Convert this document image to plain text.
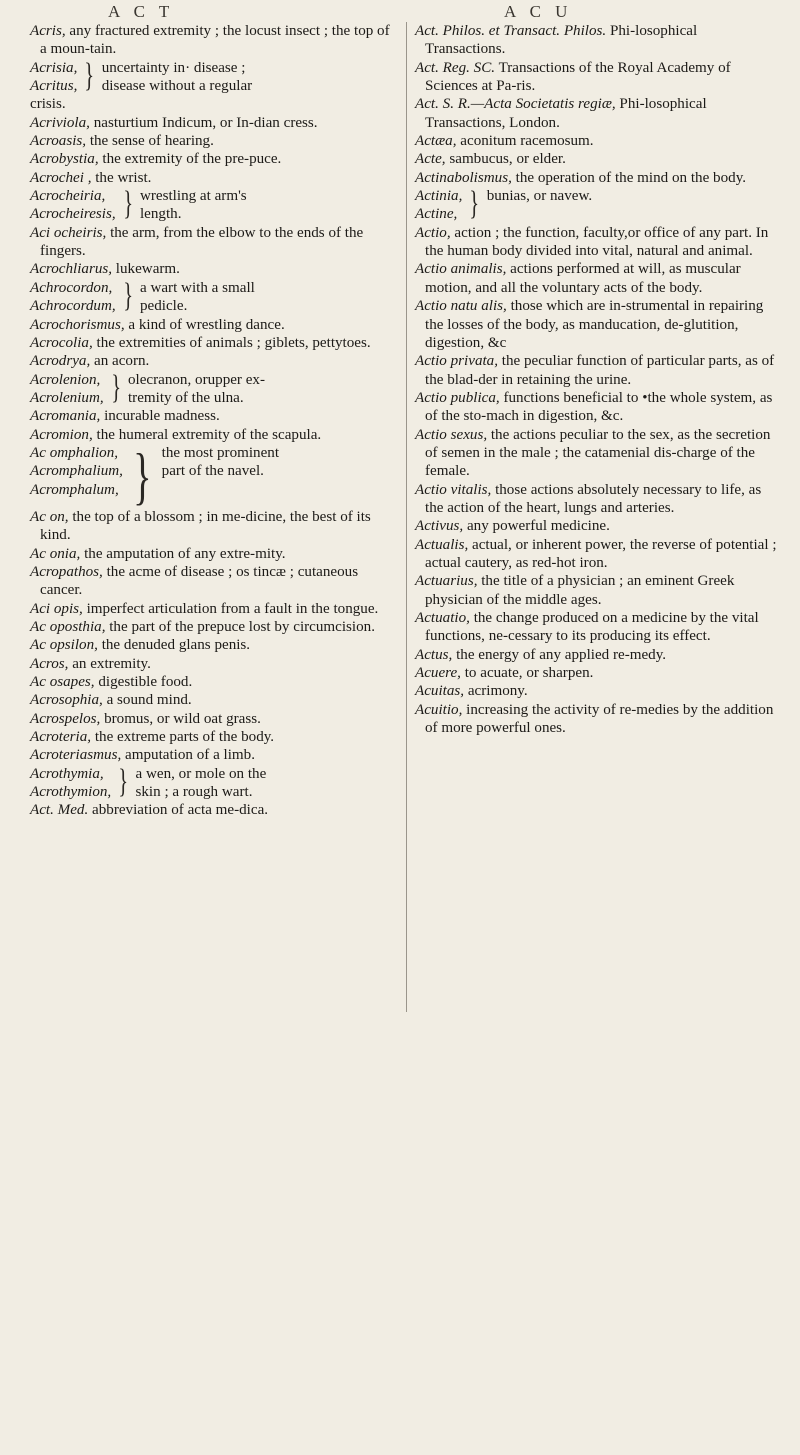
A C T	A C U

Acris, any fractured extremity ; the locust insect ; the top of a moun-tain.

Acrisia,
Acritus, } uncertainty in· disease ;
disease without a regular
crisis.

Acriviola, nasturtium Indicum, or In-dian cress.

Acroasis, the sense of hearing.

Acrobystia, the extremity of the pre-puce.

Acrochei , the wrist.

Acrocheiria,
Acrocheiresis, } wrestling at arm's
length.

Aci ocheiris, the arm, from the elbow to the ends of the fingers.

Acrochliarus, lukewarm.

Achrocordon,
Achrocordum, } a wart with a small
pedicle.

Acrochorismus, a kind of wrestling dance.

Acrocolia, the extremities of animals ; giblets, pettytoes.

Acrodrya, an acorn.

Acrolenion,
Acrolenium, } olecranon, orupper ex-
tremity of the ulna.

Acromania, incurable madness.

Acromion, the humeral extremity of the scapula.

Ac omphalion,
Acromphalium,
Acromphalum, } the most prominent
part of the navel.

Ac on, the top of a blossom ; in me-dicine, the best of its kind.

Ac onia, the amputation of any extre-mity.

Acropathos, the acme of disease ; os tincæ ; cutaneous cancer.

Aci opis, imperfect articulation from a fault in the tongue.

Ac oposthia, the part of the prepuce lost by circumcision.

Ac opsilon, the denuded glans penis.

Acros, an extremity.

Ac osapes, digestible food.

Acrosophia, a sound mind.

Acrospelos, bromus, or wild oat grass.

Acroteria, the extreme parts of the body.

Acroteriasmus, amputation of a limb.

Acrothymia,
Acrothymion, } a wen, or mole on the
skin ; a rough wart.

Act. Med. abbreviation of acta me-dica.

Act. Philos. et Transact. Philos. Phi-losophical Transactions.

Act. Reg. SC. Transactions of the Royal Academy of Sciences at Pa-ris.

Act. S. R.—Acta Societatis regiæ, Phi-losophical Transactions, London.

Actæa, aconitum racemosum.

Acte, sambucus, or elder.

Actinabolismus, the operation of the mind on the body.

Actinia,
Actine, } bunias, or navew.

Actio, action ; the function, faculty,or office of any part. In the human body divided into vital, natural and animal.

Actio animalis, actions performed at will, as muscular motion, and all the voluntary acts of the body.

Actio natu alis, those which are in-strumental in repairing the losses of the body, as manducation, de-glutition, digestion, &c

Actio privata, the peculiar function of particular parts, as of the blad-der in retaining the urine.

Actio publica, functions beneficial to •the whole system, as of the sto-mach in digestion, &c.

Actio sexus, the actions peculiar to the sex, as the secretion of semen in the male ; the catamenial dis-charge of the female.

Actio vitalis, those actions absolutely necessary to life, as the action of the heart, lungs and arteries.

Activus, any powerful medicine.

Actualis, actual, or inherent power, the reverse of potential ; actual cautery, as red-hot iron.

Actuarius, the title of a physician ; an eminent Greek physician of the middle ages.

Actuatio, the change produced on a medicine by the vital functions, ne-cessary to its producing its effect.

Actus, the energy of any applied re-medy.

Acuere, to acuate, or sharpen.

Acuitas, acrimony.

Acuitio, increasing the activity of re-medies by the addition of more powerful ones.
